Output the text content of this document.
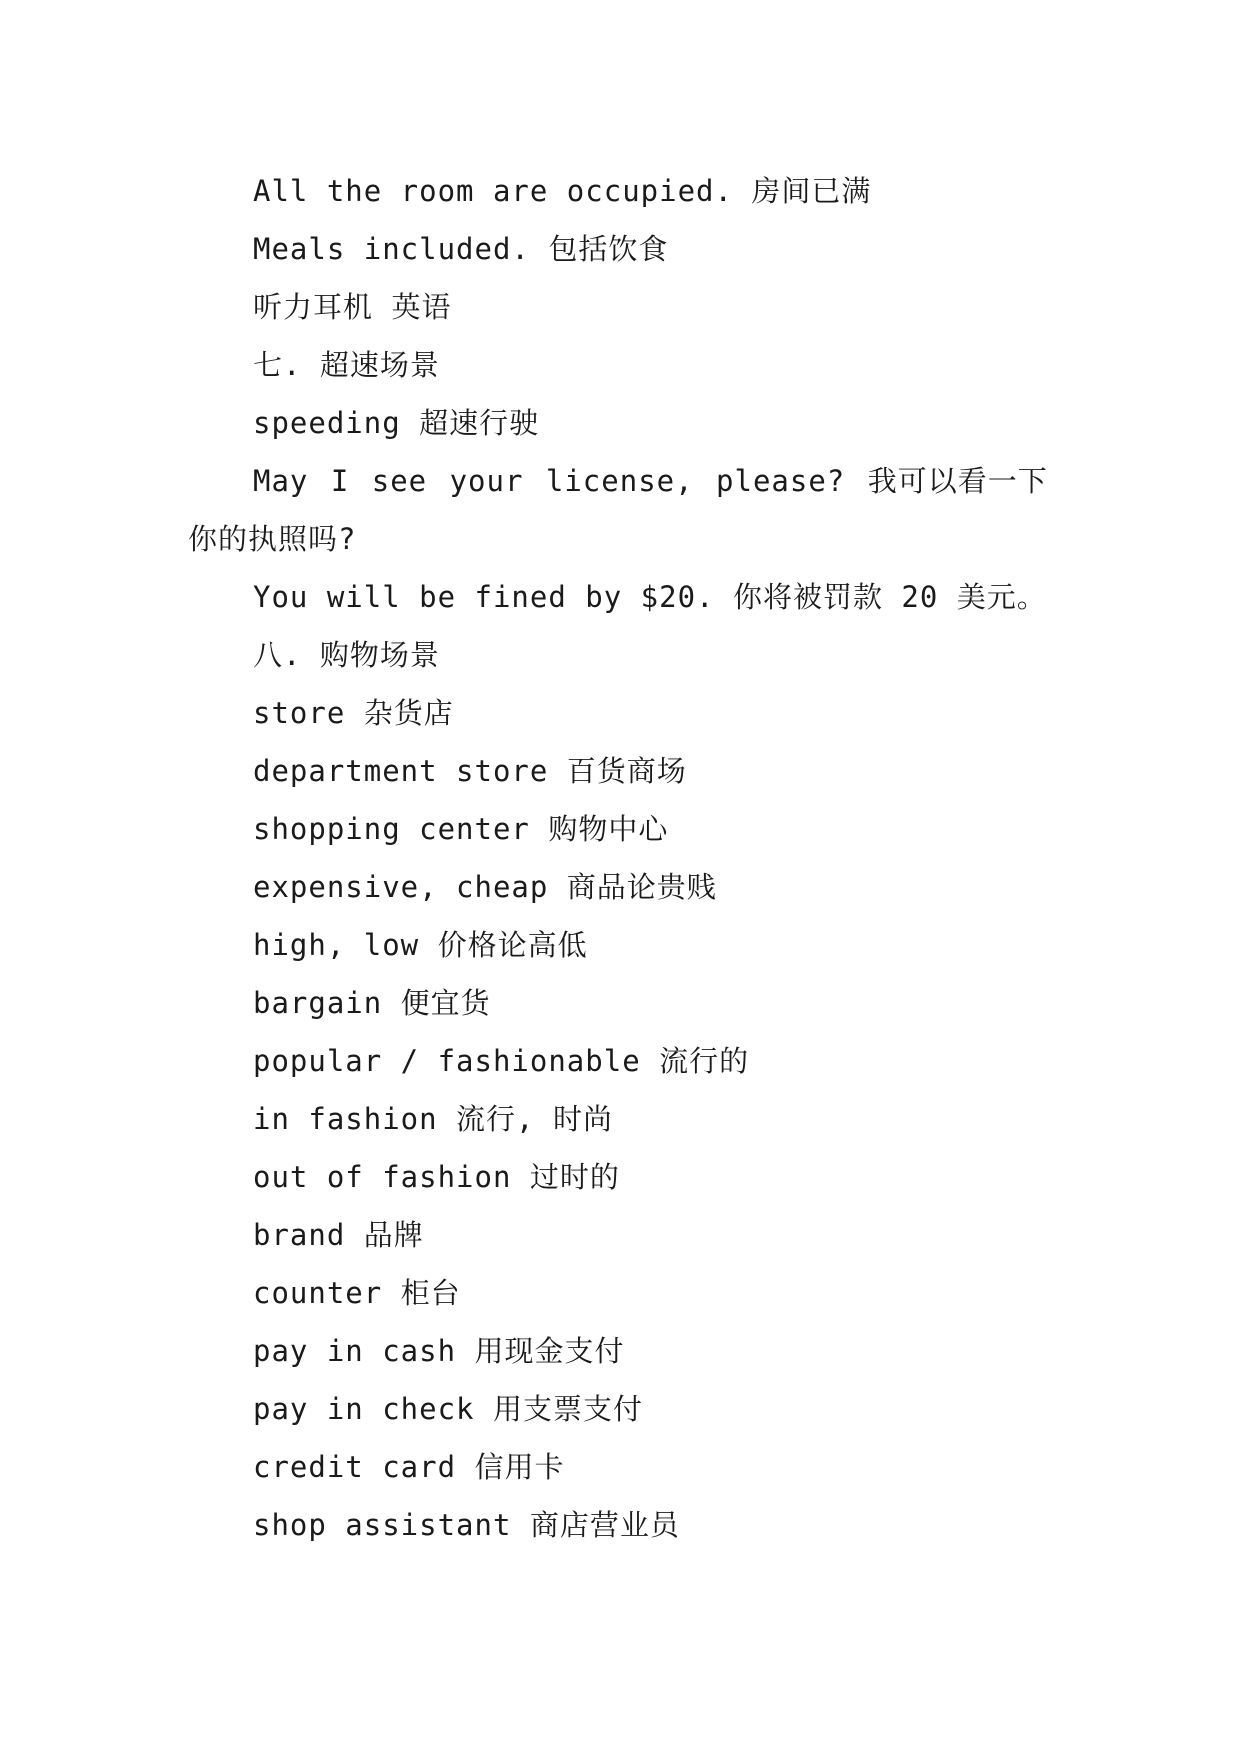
All the room are occupied. 房间已满
Meals included. 包括饮食
听力耳机 英语
七. 超速场景
speeding 超速行驶
May I see your license, please? 我可以看一下你的执照吗?
You will be fined by $20. 你将被罚款 20 美元。
八. 购物场景
store 杂货店
department store 百货商场
shopping center 购物中心
expensive, cheap 商品论贵贱
high, low 价格论高低
bargain 便宜货
popular / fashionable 流行的
in fashion 流行, 时尚
out of fashion 过时的
brand 品牌
counter 柜台
pay in cash 用现金支付
pay in check 用支票支付
credit card 信用卡
shop assistant 商店营业员
